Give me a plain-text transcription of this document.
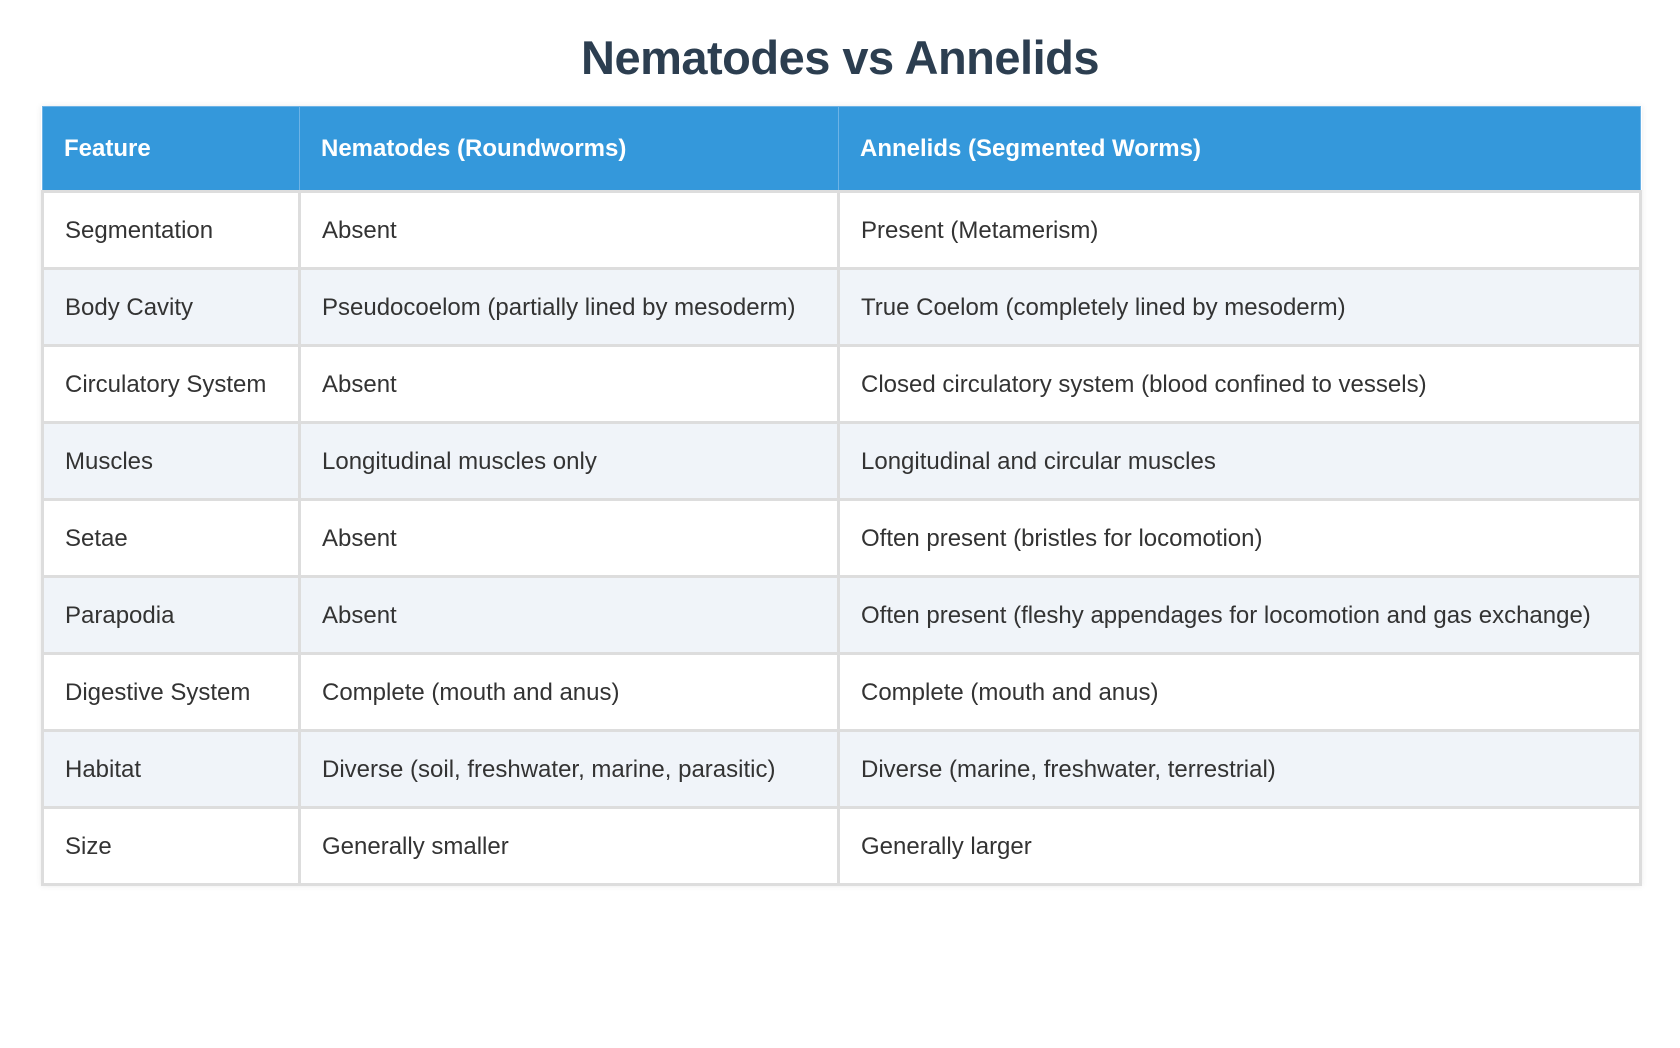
Nematodes vs Annelids
Feature	Nematodes (Roundworms)	Annelids (Segmented Worms)
Segmentation	Absent	Present (Metamerism)
Body Cavity	Pseudocoelom (partially lined by mesoderm)	True Coelom (completely lined by mesoderm)
Circulatory System	Absent	Closed circulatory system (blood confined to vessels)
Muscles	Longitudinal muscles only	Longitudinal and circular muscles
Setae	Absent	Often present (bristles for locomotion)
Parapodia	Absent	Often present (fleshy appendages for locomotion and gas exchange)
Digestive System	Complete (mouth and anus)	Complete (mouth and anus)
Habitat	Diverse (soil, freshwater, marine, parasitic)	Diverse (marine, freshwater, terrestrial)
Size	Generally smaller	Generally larger
